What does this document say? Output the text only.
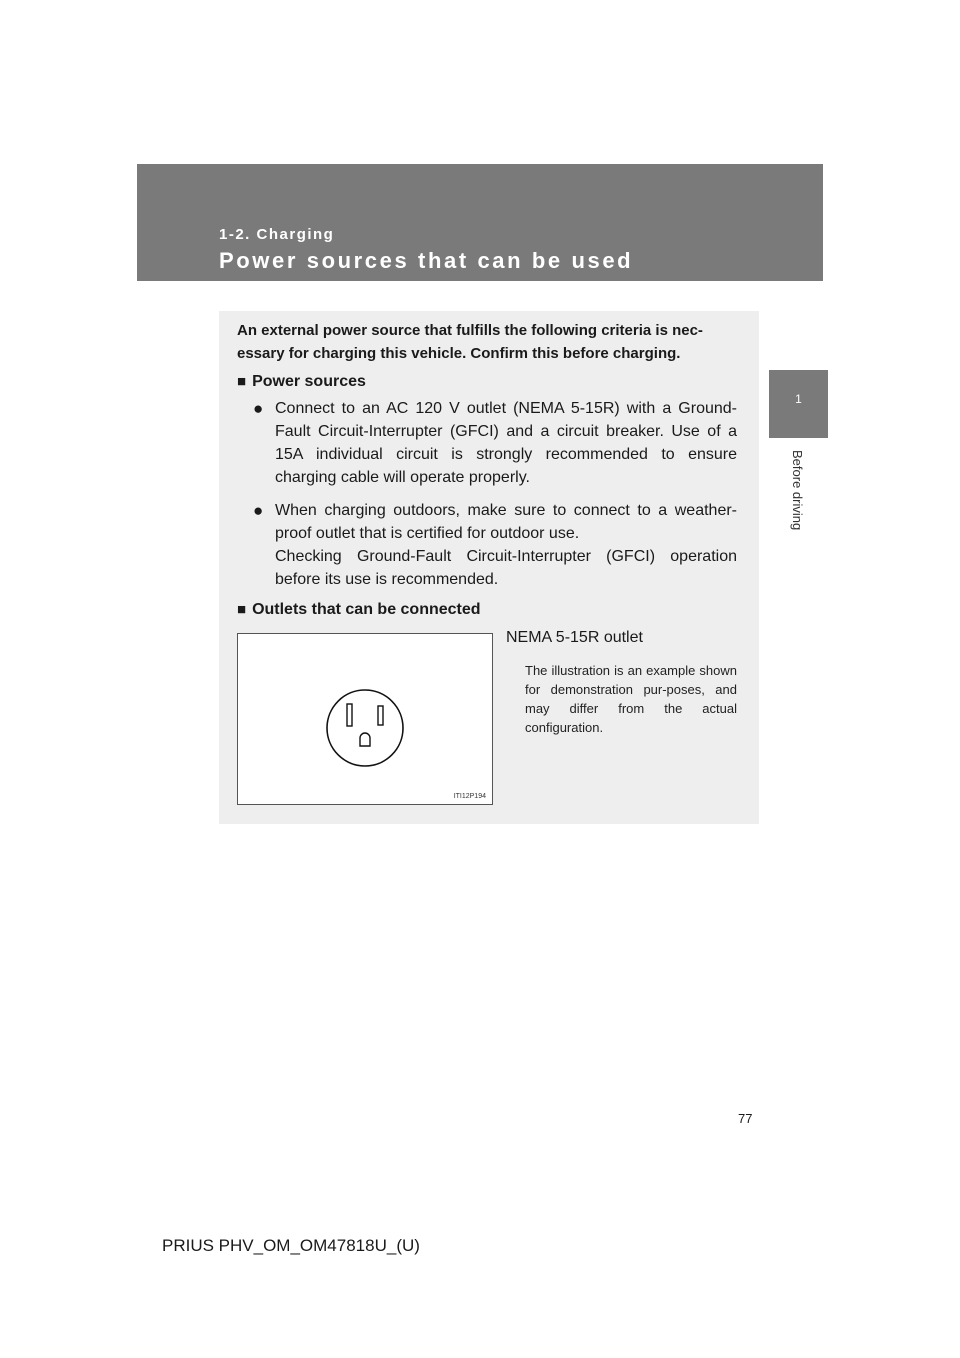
1-2. Charging
Power sources that can be used
1
Before driving
An external power source that fulfills the following criteria is nec-essary for charging this vehicle. Confirm this before charging.
■ Power sources
● Connect to an AC 120 V outlet (NEMA 5-15R) with a Ground-Fault Circuit-Interrupter (GFCI) and a circuit breaker. Use of a 15A individual circuit is strongly recommended to ensure charging cable will operate properly.
● When charging outdoors, make sure to connect to a weather-proof outlet that is certified for outdoor use.
Checking Ground-Fault Circuit-Interrupter (GFCI) operation before its use is recommended.
■ Outlets that can be connected
ITI12P194
NEMA 5-15R outlet
The illustration is an example shown for demonstration pur-poses, and may differ from the actual configuration.
77
PRIUS PHV_OM_OM47818U_(U)
